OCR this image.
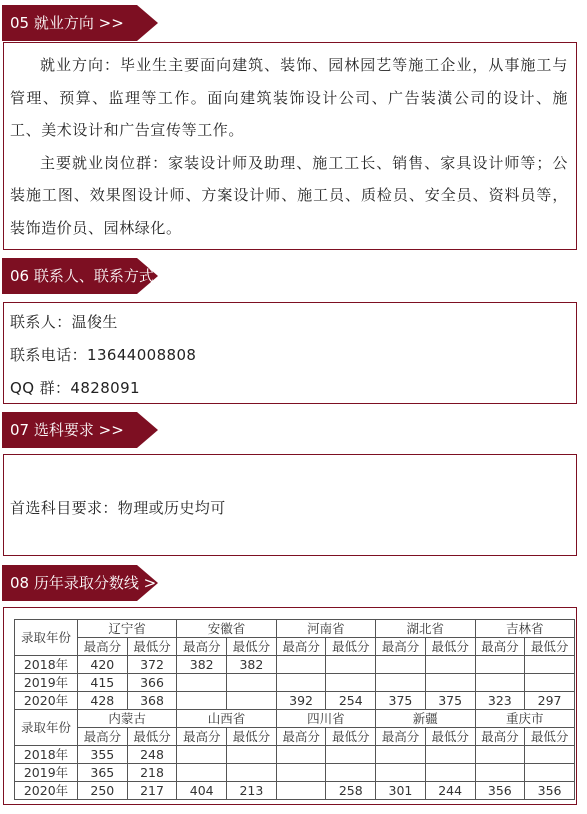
05 就业方向 >>

就业方向：毕业生主要面向建筑、装饰、园林园艺等施工企业，从事施工与管理、预算、监理等工作。面向建筑装饰设计公司、广告装潢公司的设计、施工、美术设计和广告宣传等工作。

主要就业岗位群：家装设计师及助理、施工工长、销售、家具设计师等；公装施工图、效果图设计师、方案设计师、施工员、质检员、安全员、资料员等，装饰造价员、园林绿化。

06 联系人、联系方式 >>
联系人：温俊生
联系电话：13644008808
QQ 群：4828091
07 选科要求 >>
首选科目要求：物理或历史均可
08 历年录取分数线 >>
录取年份	辽宁省		安徽省		河南省		湖北省		吉林省	
	最高分	最低分	最高分	最低分	最高分	最低分	最高分	最低分	最高分	最低分
2018年	420	372	382	382						
2019年	415	366								
2020年	428	368			392	254	375	375	323	297
录取年份	内蒙古		山西省		四川省		新疆		重庆市	
	最高分	最低分	最高分	最低分	最高分	最低分	最高分	最低分	最高分	最低分
2018年	355	248								
2019年	365	218								
2020年	250	217	404	213		258	301	244	356	356
